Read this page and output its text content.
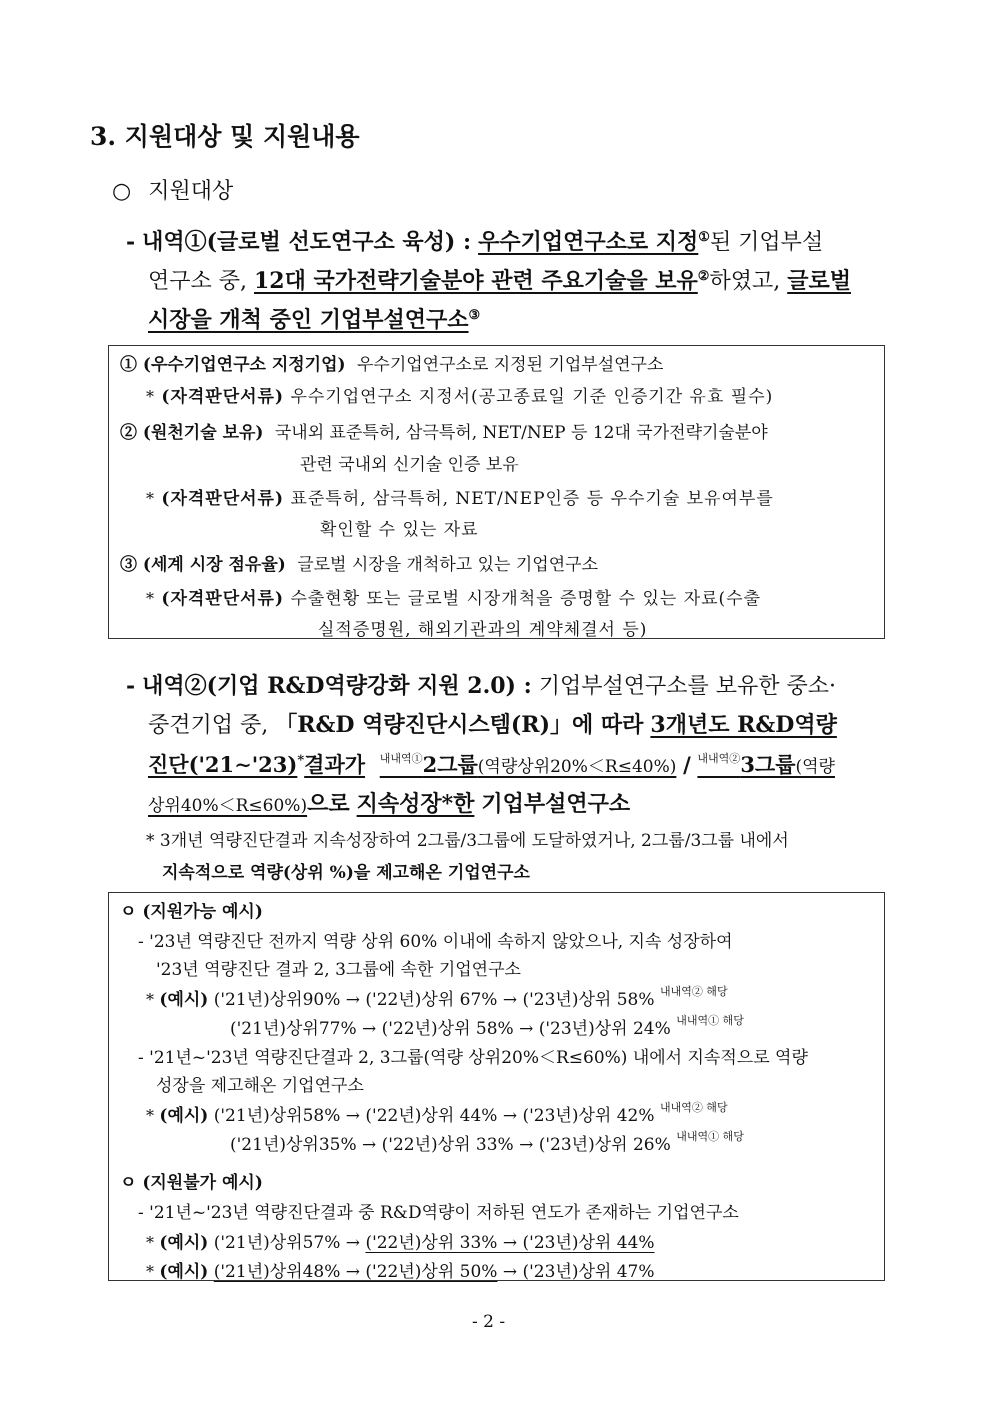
3. 지원대상 및 지원내용
○ 지원대상
- 내역①(글로벌 선도연구소 육성) : 우수기업연구소로 지정①된 기업부설
연구소 중, 12대 국가전략기술분야 관련 주요기술을 보유②하였고, 글로벌
시장을 개척 중인 기업부설연구소③
① (우수기업연구소 지정기업) 우수기업연구소로 지정된 기업부설연구소
* (자격판단서류) 우수기업연구소 지정서(공고종료일 기준 인증기간 유효 필수)
② (원천기술 보유) 국내외 표준특허, 삼극특허, NET/NEP 등 12대 국가전략기술분야
관련 국내외 신기술 인증 보유
* (자격판단서류) 표준특허, 삼극특허, NET/NEP인증 등 우수기술 보유여부를
확인할 수 있는 자료
③ (세계 시장 점유율) 글로벌 시장을 개척하고 있는 기업연구소
* (자격판단서류) 수출현황 또는 글로벌 시장개척을 증명할 수 있는 자료(수출
실적증명원, 해외기관과의 계약체결서 등)
- 내역②(기업 R&D역량강화 지원 2.0) : 기업부설연구소를 보유한 중소·
중견기업 중, 「R&D 역량진단시스템(R)」에 따라 3개년도 R&D역량
진단('21∼'23)*결과가 $^{내내역①}$2그룹(역량상위20%＜R≤40%) / $^{내내역②}$3그룹(역량
상위40%＜R≤60%)으로 지속성장*한 기업부설연구소
* 3개년 역량진단결과 지속성장하여 2그룹/3그룹에 도달하였거나, 2그룹/3그룹 내에서
지속적으로 역량(상위 %)을 제고해온 기업연구소
ㅇ (지원가능 예시)
- '23년 역량진단 전까지 역량 상위 60% 이내에 속하지 않았으나, 지속 성장하여
'23년 역량진단 결과 2, 3그룹에 속한 기업연구소
* (예시) ('21년)상위90% → ('22년)상위 67% → ('23년)상위 58% $^{내내역② 해당}$
('21년)상위77% → ('22년)상위 58% → ('23년)상위 24% $^{내내역① 해당}$
- '21년~'23년 역량진단결과 2, 3그룹(역량 상위20%＜R≤60%) 내에서 지속적으로 역량
성장을 제고해온 기업연구소
* (예시) ('21년)상위58% → ('22년)상위 44% → ('23년)상위 42% $^{내내역② 해당}$
('21년)상위35% → ('22년)상위 33% → ('23년)상위 26% $^{내내역① 해당}$
ㅇ (지원불가 예시)
- '21년~'23년 역량진단결과 중 R&D역량이 저하된 연도가 존재하는 기업연구소
* (예시) ('21년)상위57% → ('22년)상위 33% → ('23년)상위 44%
* (예시) ('21년)상위48% → ('22년)상위 50% → ('23년)상위 47%
- 2 -
